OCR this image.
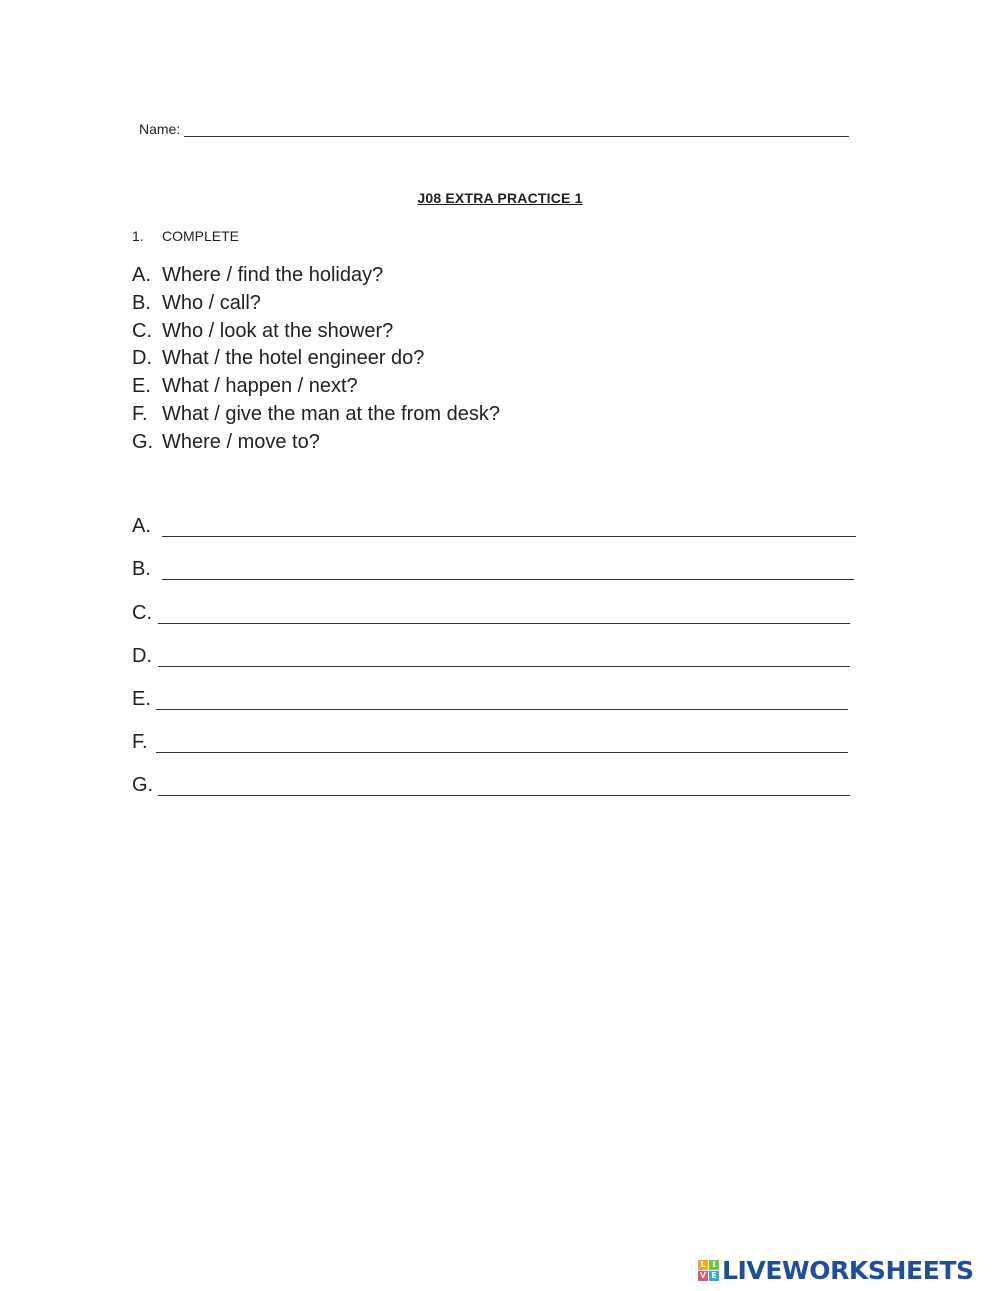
Name:
J08 EXTRA PRACTICE 1
1.	COMPLETE
A. Where / find the holiday?
B. Who / call?
C. Who / look at the shower?
D. What / the hotel engineer do?
E. What / happen / next?
F. What / give the man at the from desk?
G. Where / move to?
A.
B.
C.
D.
E.
F.
G.
L I
V E LIVEWORKSHEETS
